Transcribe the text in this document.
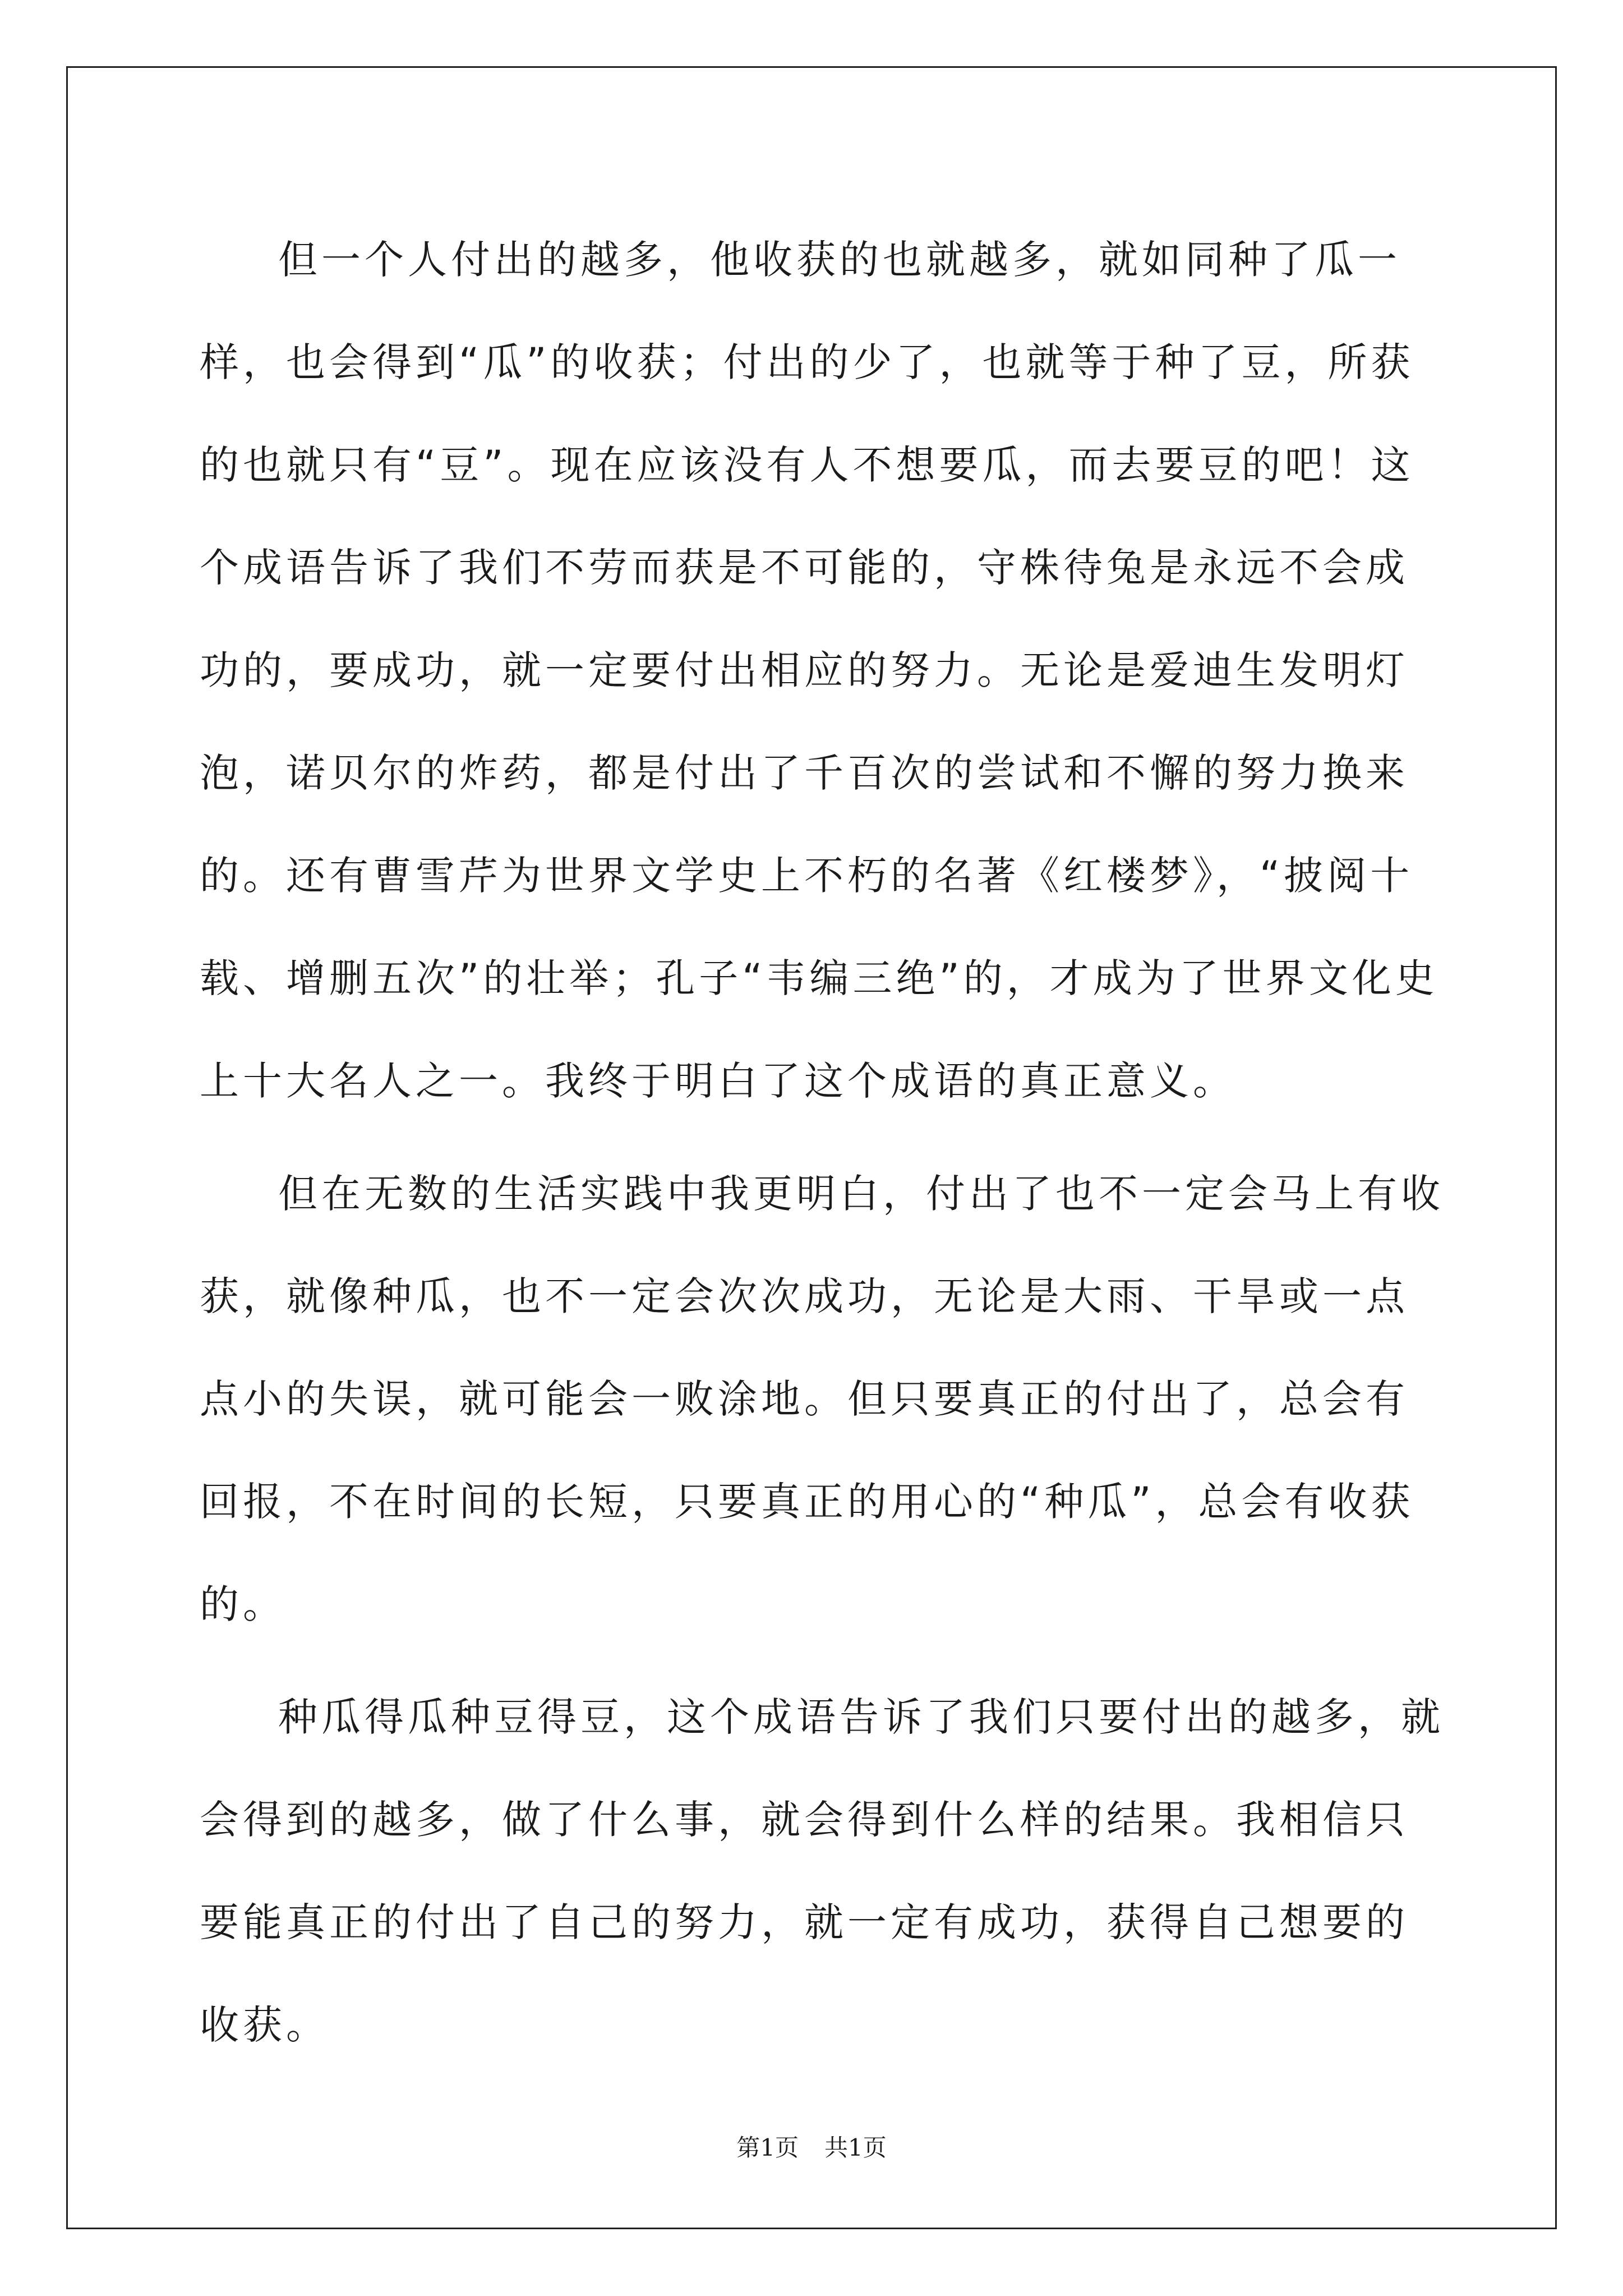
但一个人付出的越多，他收获的也就越多，就如同种了瓜一样，也会得到“瓜”的收获；付出的少了，也就等于种了豆，所获的也就只有“豆”。现在应该没有人不想要瓜，而去要豆的吧！这个成语告诉了我们不劳而获是不可能的，守株待兔是永远不会成功的，要成功，就一定要付出相应的努力。无论是爱迪生发明灯泡，诺贝尔的炸药，都是付出了千百次的尝试和不懈的努力换来的。还有曹雪芹为世界文学史上不朽的名著《红楼梦》，“披阅十载、增删五次”的壮举；孔子“韦编三绝”的，才成为了世界文化史上十大名人之一。我终于明白了这个成语的真正意义。

但在无数的生活实践中我更明白，付出了也不一定会马上有收获，就像种瓜，也不一定会次次成功，无论是大雨、干旱或一点点小的失误，就可能会一败涂地。但只要真正的付出了，总会有回报，不在时间的长短，只要真正的用心的“种瓜”，总会有收获的。

种瓜得瓜种豆得豆，这个成语告诉了我们只要付出的越多，就会得到的越多，做了什么事，就会得到什么样的结果。我相信只要能真正的付出了自己的努力，就一定有成功，获得自己想要的收获。

第1页 共1页
